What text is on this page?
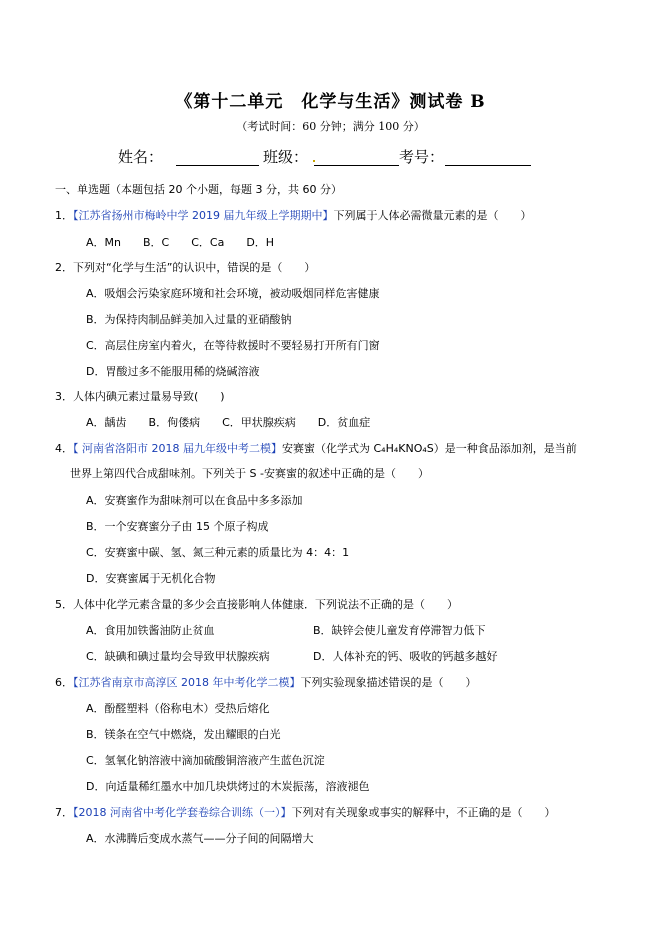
《第十二单元　化学与生活》测试卷 B
（考试时间：60 分钟；满分 100 分）
姓名：	班级：	考号：
一、单选题（本题包括 20 个小题，每题 3 分，共 60 分）
1．【江苏省扬州市梅岭中学 2019 届九年级上学期期中】下列属于人体必需微量元素的是（　　）
A．Mn　　B．C　　C．Ca　　D．H
2．下列对“化学与生活”的认识中，错误的是（　　）
A．吸烟会污染家庭环境和社会环境，被动吸烟同样危害健康
B．为保持肉制品鲜美加入过量的亚硝酸钠
C．高层住房室内着火，在等待救援时不要轻易打开所有门窗
D．胃酸过多不能服用稀的烧碱溶液
3．人体内碘元素过量易导致(　　)
A．龋齿　　B．佝偻病　　C．甲状腺疾病　　D．贫血症
4．【 河南省洛阳市 2018 届九年级中考二模】安赛蜜（化学式为 C₄H₄KNO₄S）是一种食品添加剂，是当前
世界上第四代合成甜味剂。下列关于 S -安赛蜜的叙述中正确的是（　　）
A．安赛蜜作为甜味剂可以在食品中多多添加
B．一个安赛蜜分子由 15 个原子构成
C．安赛蜜中碳、氢、氮三种元素的质量比为 4：4：1
D．安赛蜜属于无机化合物
5．人体中化学元素含量的多少会直接影响人体健康．下列说法不正确的是（　　）
A．食用加铁酱油防止贫血	B．缺锌会使儿童发育停滞智力低下
C．缺碘和碘过量均会导致甲状腺疾病	D．人体补充的钙、吸收的钙越多越好
6．【江苏省南京市高淳区 2018 年中考化学二模】下列实验现象描述错误的是（　　）
A．酚醛塑料（俗称电木）受热后熔化
B．镁条在空气中燃烧，发出耀眼的白光
C．氢氧化钠溶液中滴加硫酸铜溶液产生蓝色沉淀
D．向适量稀红墨水中加几块烘烤过的木炭振荡，溶液褪色
7．【2018 河南省中考化学套卷综合训练（一）】下列对有关现象或事实的解释中，不正确的是（　　）
A．水沸腾后变成水蒸气——分子间的间隔增大
